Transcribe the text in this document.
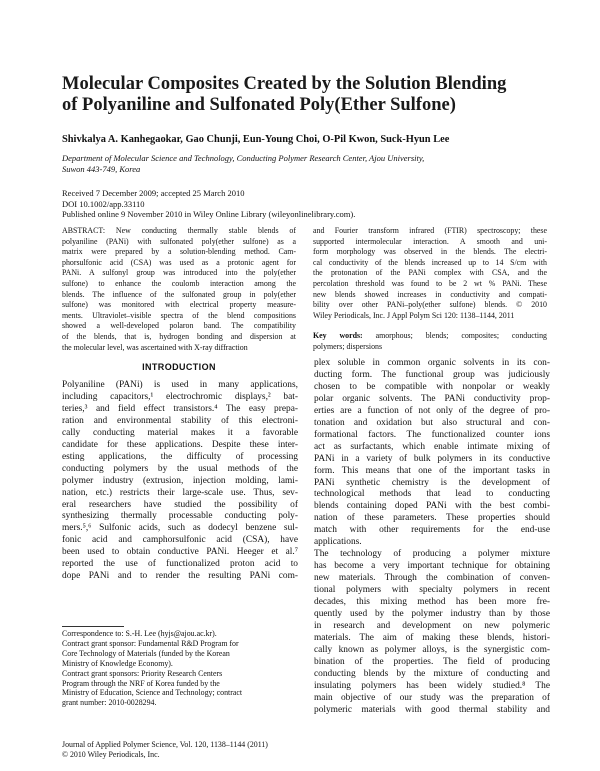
Molecular Composites Created by the Solution Blending
of Polyaniline and Sulfonated Poly(Ether Sulfone)
Shivkalya A. Kanhegaokar, Gao Chunji, Eun-Young Choi, O-Pil Kwon, Suck-Hyun Lee
Department of Molecular Science and Technology, Conducting Polymer Research Center, Ajou University,
Suwon 443-749, Korea
Received 7 December 2009; accepted 25 March 2010
DOI 10.1002/app.33110
Published online 9 November 2010 in Wiley Online Library (wileyonlinelibrary.com).
ABSTRACT: New conducting thermally stable blends of
polyaniline (PANi) with sulfonated poly(ether sulfone) as a
matrix were prepared by a solution-blending method. Cam-
phorsulfonic acid (CSA) was used as a protonic agent for
PANi. A sulfonyl group was introduced into the poly(ether
sulfone) to enhance the coulomb interaction among the
blends. The influence of the sulfonated group in poly(ether
sulfone) was monitored with electrical property measure-
ments. Ultraviolet–visible spectra of the blend compositions
showed a well-developed polaron band. The compatibility
of the blends, that is, hydrogen bonding and dispersion at
the molecular level, was ascertained with X-ray diffraction
and Fourier transform infrared (FTIR) spectroscopy; these
supported intermolecular interaction. A smooth and uni-
form morphology was observed in the blends. The electri-
cal conductivity of the blends increased up to 14 S/cm with
the protonation of the PANi complex with CSA, and the
percolation threshold was found to be 2 wt % PANi. These
new blends showed increases in conductivity and compati-
bility over other PANi–poly(ether sulfone) blends. © 2010
Wiley Periodicals, Inc. J Appl Polym Sci 120: 1138–1144, 2011
Key words: amorphous; blends; composites; conducting
polymers; dispersions
INTRODUCTION
Polyaniline (PANi) is used in many applications,
including capacitors,¹ electrochromic displays,² bat-
teries,³ and field effect transistors.⁴ The easy prepa-
ration and environmental stability of this electroni-
cally conducting material makes it a favorable
candidate for these applications. Despite these inter-
esting applications, the difficulty of processing
conducting polymers by the usual methods of the
polymer industry (extrusion, injection molding, lami-
nation, etc.) restricts their large-scale use. Thus, sev-
eral researchers have studied the possibility of
synthesizing thermally processable conducting poly-
mers.⁵,⁶ Sulfonic acids, such as dodecyl benzene sul-
fonic acid and camphorsulfonic acid (CSA), have
been used to obtain conductive PANi. Heeger et al.⁷
reported the use of functionalized proton acid to
dope PANi and to render the resulting PANi com-
plex soluble in common organic solvents in its con-
ducting form. The functional group was judiciously
chosen to be compatible with nonpolar or weakly
polar organic solvents. The PANi conductivity prop-
erties are a function of not only of the degree of pro-
tonation and oxidation but also structural and con-
formational factors. The functionalized counter ions
act as surfactants, which enable intimate mixing of
PANi in a variety of bulk polymers in its conductive
form. This means that one of the important tasks in
PANi synthetic chemistry is the development of
technological methods that lead to conducting
blends containing doped PANi with the best combi-
nation of these parameters. These properties should
match with other requirements for the end-use
applications.
The technology of producing a polymer mixture
has become a very important technique for obtaining
new materials. Through the combination of conven-
tional polymers with specialty polymers in recent
decades, this mixing method has been more fre-
quently used by the polymer industry than by those
in research and development on new polymeric
materials. The aim of making these blends, histori-
cally known as polymer alloys, is the synergistic com-
bination of the properties. The field of producing
conducting blends by the mixture of conducting and
insulating polymers has been widely studied.⁸ The
main objective of our study was the preparation of
polymeric materials with good thermal stability and
Correspondence to: S.-H. Lee (hyjs@ajou.ac.kr).
Contract grant sponsor: Fundamental R&D Program for
Core Technology of Materials (funded by the Korean
Ministry of Knowledge Economy).
Contract grant sponsors: Priority Research Centers
Program through the NRF of Korea funded by the
Ministry of Education, Science and Technology; contract
grant number: 2010-0028294.
Journal of Applied Polymer Science, Vol. 120, 1138–1144 (2011)
© 2010 Wiley Periodicals, Inc.
